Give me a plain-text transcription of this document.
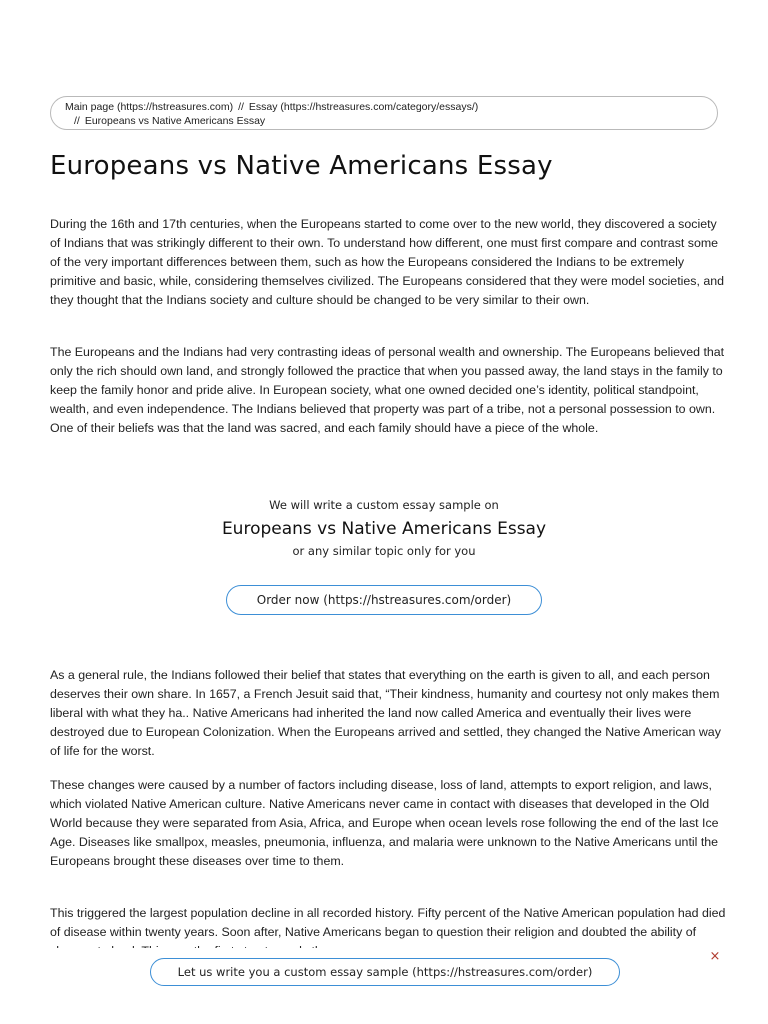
Main page (https://hstreasures.com) // Essay (https://hstreasures.com/category/essays/)
// Europeans vs Native Americans Essay
Europeans vs Native Americans Essay

During the 16th and 17th centuries, when the Europeans started to come over to the new world, they discovered a society of Indians that was strikingly different to their own. To understand how different, one must first compare and contrast some of the very important differences between them, such as how the Europeans considered the Indians to be extremely primitive and basic, while, considering themselves civilized. The Europeans considered that they were model societies, and they thought that the Indians society and culture should be changed to be very similar to their own.

The Europeans and the Indians had very contrasting ideas of personal wealth and ownership. The Europeans believed that only the rich should own land, and strongly followed the practice that when you passed away, the land stays in the family to keep the family honor and pride alive. In European society, what one owned decided one’s identity, political standpoint, wealth, and even independence. The Indians believed that property was part of a tribe, not a personal possession to own. One of their beliefs was that the land was sacred, and each family should have a piece of the whole.

We will write a custom essay sample on
Europeans vs Native Americans Essay
or any similar topic only for you
Order now (https://hstreasures.com/order)

As a general rule, the Indians followed their belief that states that everything on the earth is given to all, and each person deserves their own share. In 1657, a French Jesuit said that, “Their kindness, humanity and courtesy not only makes them liberal with what they ha.. Native Americans had inherited the land now called America and eventually their lives were destroyed due to European Colonization. When the Europeans arrived and settled, they changed the Native American way of life for the worst.

These changes were caused by a number of factors including disease, loss of land, attempts to export religion, and laws, which violated Native American culture. Native Americans never came in contact with diseases that developed in the Old World because they were separated from Asia, Africa, and Europe when ocean levels rose following the end of the last Ice Age. Diseases like smallpox, measles, pneumonia, influenza, and malaria were unknown to the Native Americans until the Europeans brought these diseases over time to them.

This triggered the largest population decline in all recorded history. Fifty percent of the Native American population had died of disease within twenty years. Soon after, Native Americans began to question their religion and doubted the ability of

Let us write you a custom essay sample (https://hstreasures.com/order)
×
